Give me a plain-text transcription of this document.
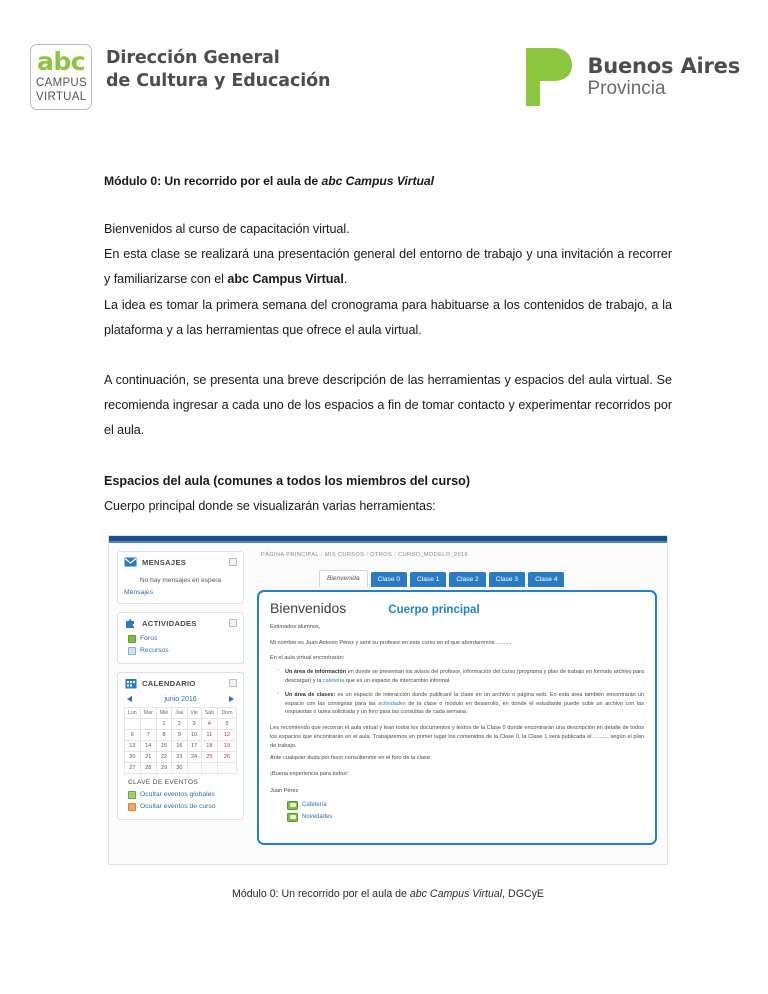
abc
CAMPUS
VIRTUAL
Dirección General
de Cultura y Educación
Buenos Aires
Provincia
Módulo 0: Un recorrido por el aula de abc Campus Virtual

Bienvenidos al curso de capacitación virtual.

En esta clase se realizará una presentación general del entorno de trabajo y una invitación a recorrer y familiarizarse con el abc Campus Virtual.

La idea es tomar la primera semana del cronograma para habituarse a los contenidos de trabajo, a la plataforma y a las herramientas que ofrece el aula virtual.

A continuación, se presenta una breve descripción de las herramientas y espacios del aula virtual. Se recomienda ingresar a cada uno de los espacios a fin de tomar contacto y experimentar recorridos por el aula.

Espacios del aula (comunes a todos los miembros del curso)

Cuerpo principal donde se visualizarán varias herramientas:

MENSAJES
No hay mensajes en espera
Mensajes
ACTIVIDADES
Foros
Recursos
CALENDARIO
junio 2016
Lun	Mar	Mié	Jue	Vie	Sáb	Dom
		1	2	3	4	5
6	7	8	9	10	11	12
13	14	15	16	17	18	19
20	21	22	23	24	25	26
27	28	29	30			
CLAVE DE EVENTOS
Ocultar eventos globales
Ocultar eventos de curso
PÁGINA PRINCIPAL / MIS CURSOS / OTROS / CURSO_MODELO_2016
Bienvenida	Clase 0	Clase 1	Clase 2	Clase 3	Clase 4
Bienvenidos	Cuerpo principal

Estimados alumnos,

Mi nombre es Juan Antonio Pérez y seré su profesor en este curso en el que abordaremos ..........

En el aula virtual encontrarán:

◦ Un área de información en donde se presentan los avisos del profesor, información del curso (programa y plan de trabajo en formato archivo para descargar) y la cafetería que es un espacio de intercambio informal.
◦ Un área de clases: es un espacio de interacción donde publicaré la clase en un archivo o página web. En esta área también encontrarán un espacio con las consignas para las actividades de la clase o módulo en desarrollo, en donde el estudiante puede subir un archivo con las respuestas o tarea solicitada y un foro para las consultas de cada semana.

Les recomiendo que recorran el aula virtual y lean todos los documentos y textos de la Clase 0 donde encontrarán una descripción en detalle de todos los espacios que encontrarán en el aula. Trabajaremos en primer lugar los contenidos de la Clase 0, la Clase 1 será publicada el .......... según el plan de trabajo.

Ante cualquier duda por favor consúltenme en el foro de la clase.

¡Buena experiencia para todos!

Juan Pérez
Cafetería
Novedades
Módulo 0: Un recorrido por el aula de abc Campus Virtual, DGCyE
